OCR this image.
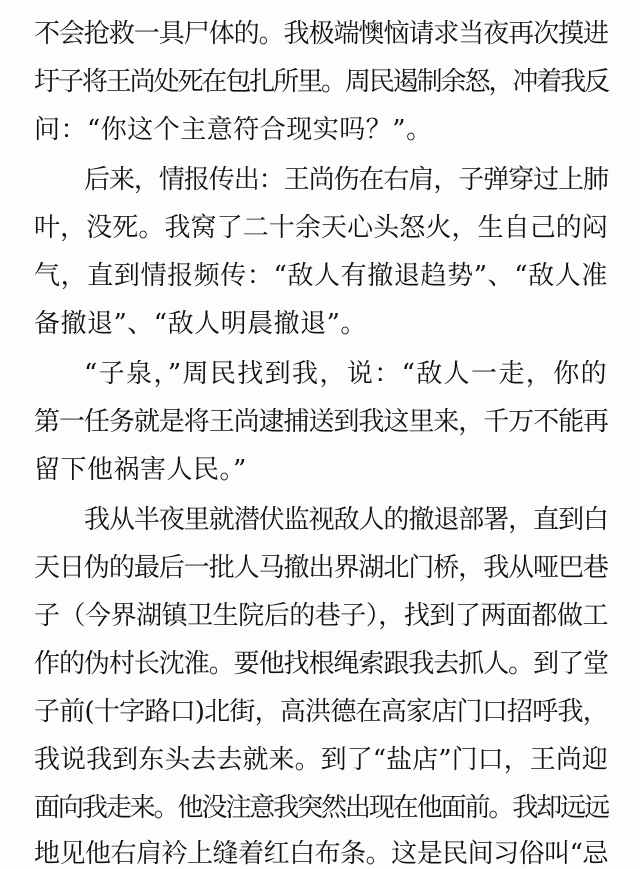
不会抢救一具尸体的。我极端懊恼请求当夜再次摸进
圩子将王尚处死在包扎所里。周民遏制余怒，冲着我反
问：“你这个主意符合现实吗？”。
后来，情报传出：王尚伤在右肩，子弹穿过上肺
叶，没死。我窝了二十余天心头怒火，生自己的闷
气，直到情报频传：“敌人有撤退趋势”、“敌人准
备撤退”、“敌人明晨撤退”。
“子泉，”周民找到我，说：“敌人一走，你的
第一任务就是将王尚逮捕送到我这里来，千万不能再
留下他祸害人民。”
我从半夜里就潜伏监视敌人的撤退部署，直到白
天日伪的最后一批人马撤出界湖北门桥，我从哑巴巷
子（今界湖镇卫生院后的巷子），找到了两面都做工
作的伪村长沈淮。要他找根绳索跟我去抓人。到了堂
子前(十字路口)北街，高洪德在高家店门口招呼我，
我说我到东头去去就来。到了“盐店”门口，王尚迎
面向我走来。他没注意我突然出现在他面前。我却远远
地见他右肩衿上缝着红白布条。这是民间习俗叫“忌
